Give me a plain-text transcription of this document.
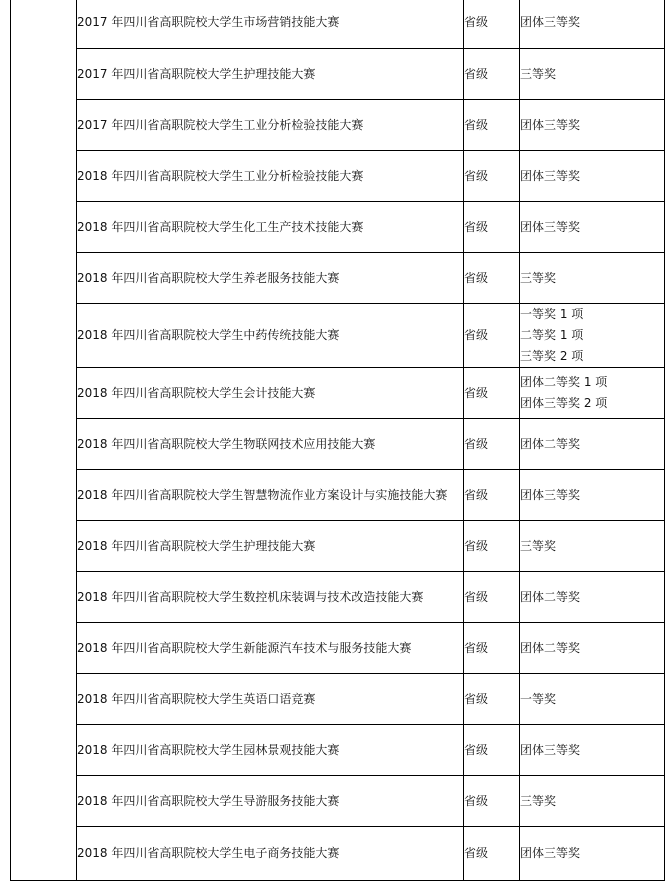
	2017 年四川省高职院校大学生市场营销技能大赛	省级	团体三等奖

	2017 年四川省高职院校大学生护理技能大赛	省级	三等奖

	2017 年四川省高职院校大学生工业分析检验技能大赛	省级	团体三等奖

	2018 年四川省高职院校大学生工业分析检验技能大赛	省级	团体三等奖

	2018 年四川省高职院校大学生化工生产技术技能大赛	省级	团体三等奖

	2018 年四川省高职院校大学生养老服务技能大赛	省级	三等奖

	2018 年四川省高职院校大学生中药传统技能大赛	省级	一等奖 1 项
二等奖 1 项
三等奖 2 项

	2018 年四川省高职院校大学生会计技能大赛	省级	团体二等奖 1 项
团体三等奖 2 项

	2018 年四川省高职院校大学生物联网技术应用技能大赛	省级	团体二等奖

	2018 年四川省高职院校大学生智慧物流作业方案设计与实施技能大赛	省级	团体三等奖

	2018 年四川省高职院校大学生护理技能大赛	省级	三等奖

	2018 年四川省高职院校大学生数控机床装调与技术改造技能大赛	省级	团体二等奖

	2018 年四川省高职院校大学生新能源汽车技术与服务技能大赛	省级	团体二等奖

	2018 年四川省高职院校大学生英语口语竞赛	省级	一等奖

	2018 年四川省高职院校大学生园林景观技能大赛	省级	团体三等奖

	2018 年四川省高职院校大学生导游服务技能大赛	省级	三等奖

	2018 年四川省高职院校大学生电子商务技能大赛	省级	团体三等奖
